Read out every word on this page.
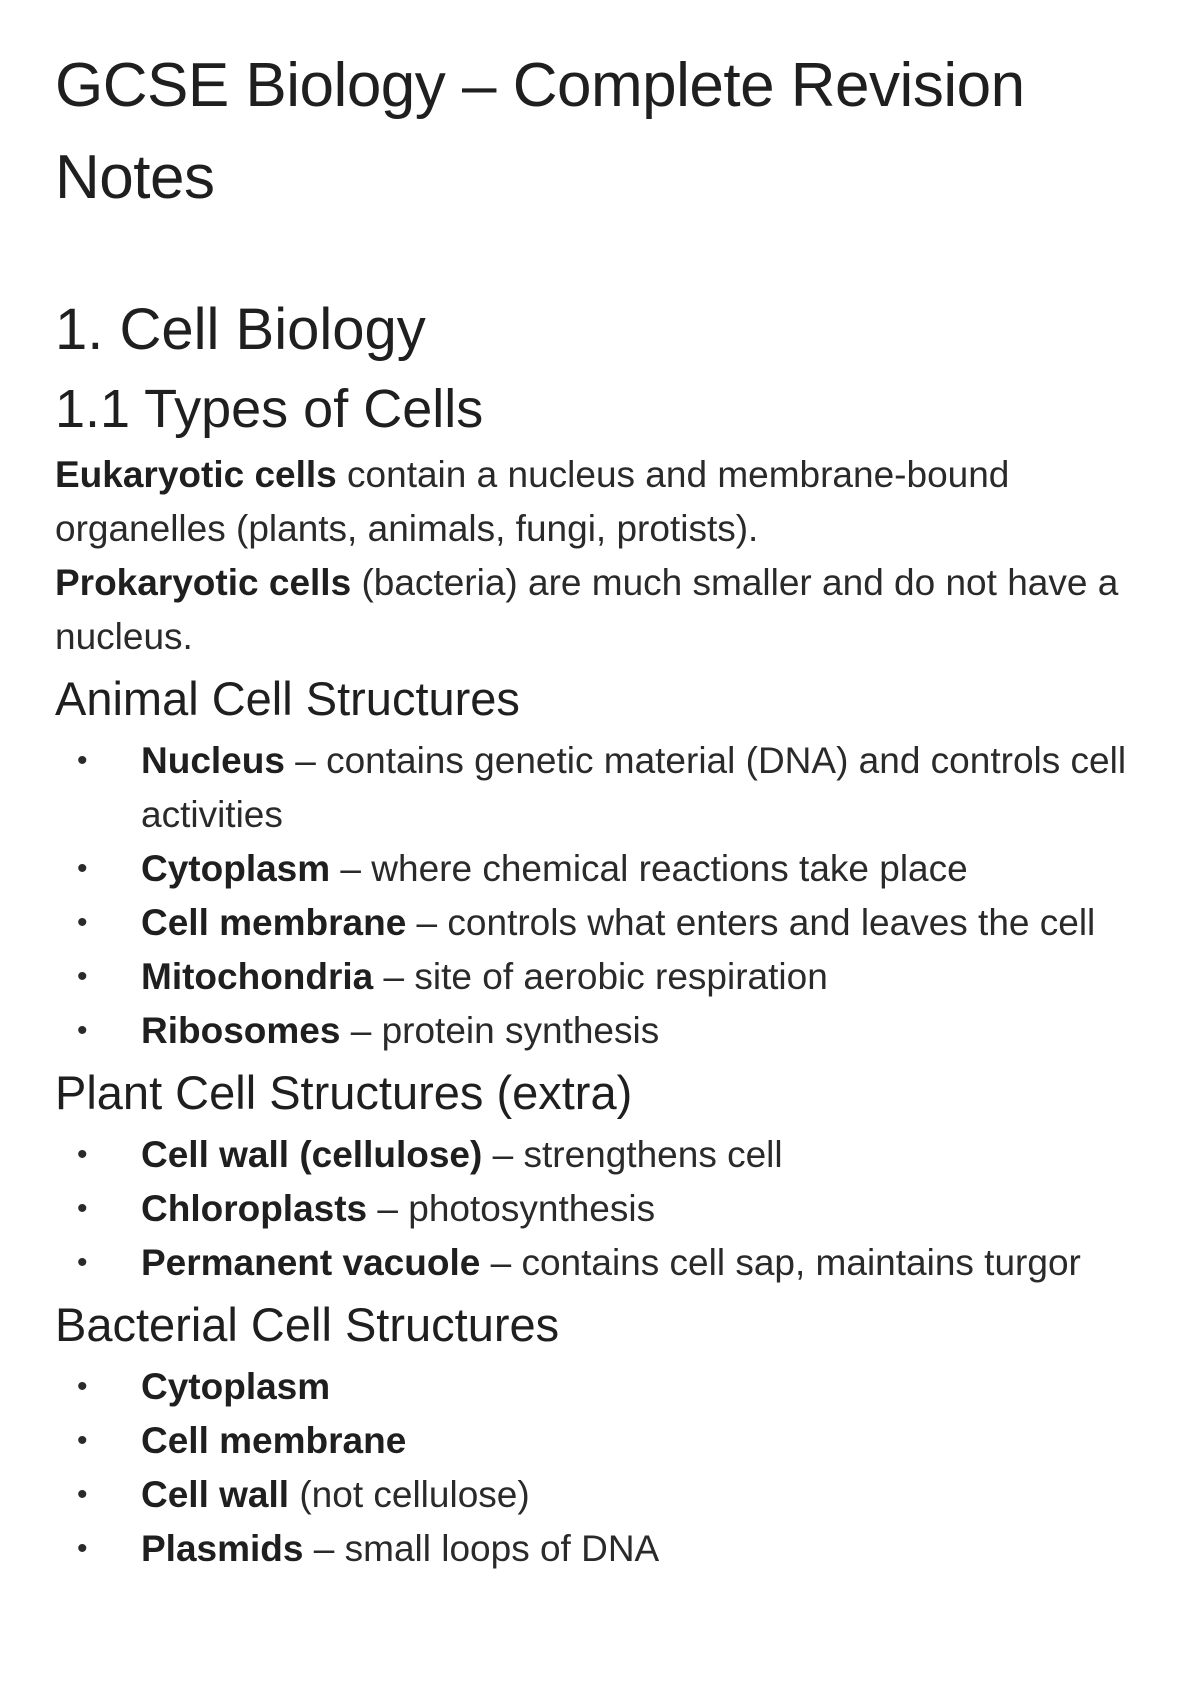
GCSE Biology – Complete Revision Notes
1. Cell Biology
1.1 Types of Cells

Eukaryotic cells contain a nucleus and membrane-bound organelles (plants, animals, fungi, protists).

Prokaryotic cells (bacteria) are much smaller and do not have a nucleus.

Animal Cell Structures
• Nucleus – contains genetic material (DNA) and controls cell activities
• Cytoplasm – where chemical reactions take place
• Cell membrane – controls what enters and leaves the cell
• Mitochondria – site of aerobic respiration
• Ribosomes – protein synthesis
Plant Cell Structures (extra)
• Cell wall (cellulose) – strengthens cell
• Chloroplasts – photosynthesis
• Permanent vacuole – contains cell sap, maintains turgor
Bacterial Cell Structures
• Cytoplasm
• Cell membrane
• Cell wall (not cellulose)
• Plasmids – small loops of DNA
